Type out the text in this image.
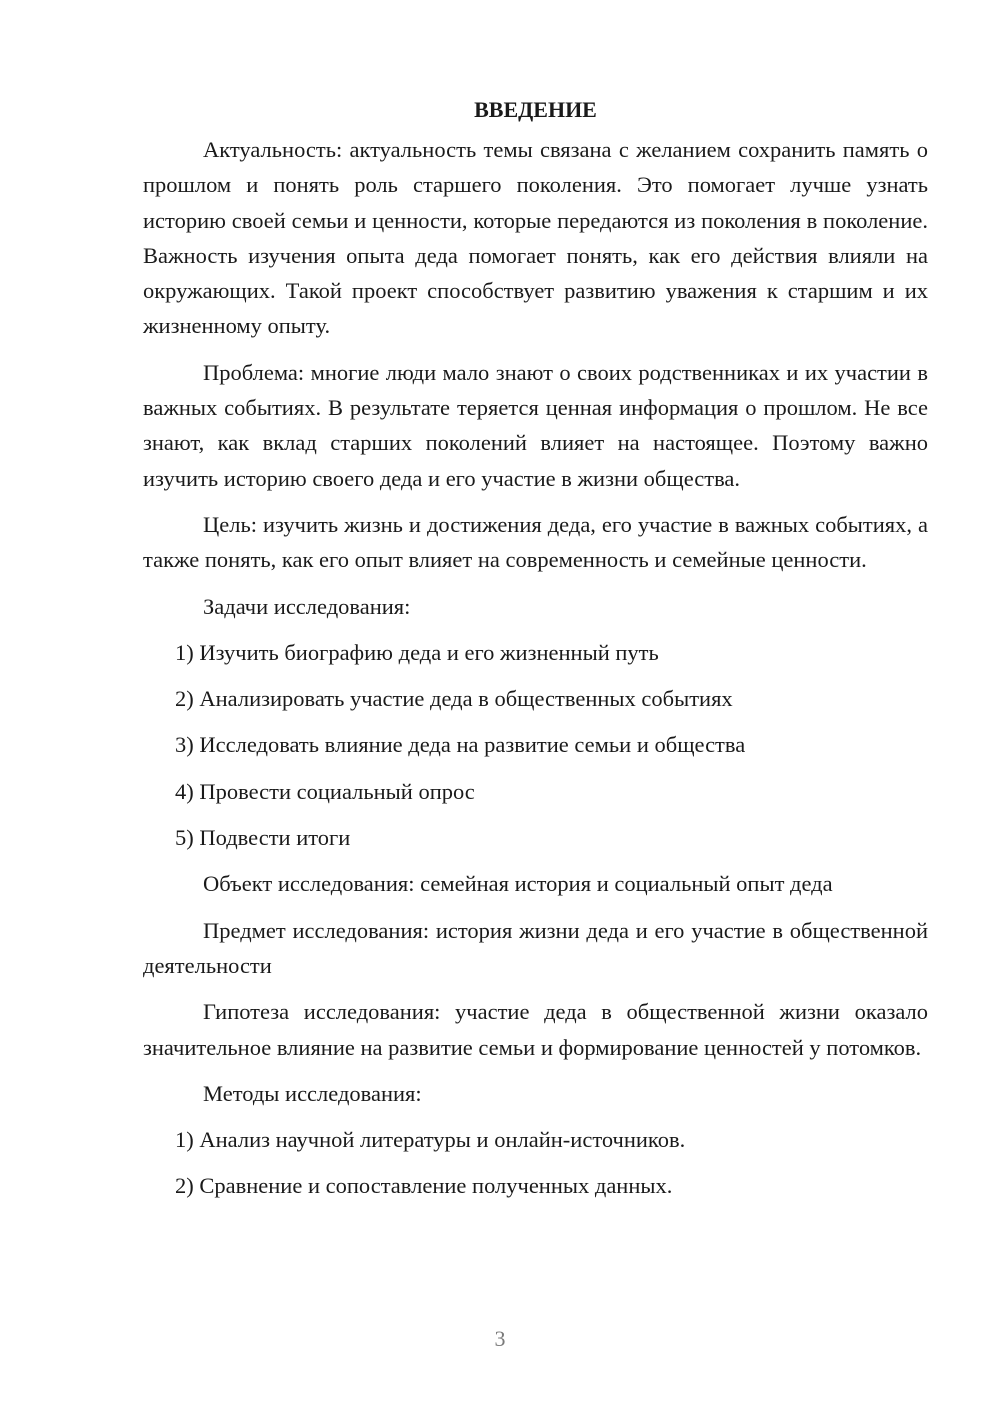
ВВЕДЕНИЕ

Актуальность: актуальность темы связана с желанием сохранить память о прошлом и понять роль старшего поколения. Это помогает лучше узнать историю своей семьи и ценности, которые передаются из поколения в поколение. Важность изучения опыта деда помогает понять, как его действия влияли на окружающих. Такой проект способствует развитию уважения к старшим и их жизненному опыту.

Проблема: многие люди мало знают о своих родственниках и их участии в важных событиях. В результате теряется ценная информация о прошлом. Не все знают, как вклад старших поколений влияет на настоящее. Поэтому важно изучить историю своего деда и его участие в жизни общества.

Цель: изучить жизнь и достижения деда, его участие в важных событиях, а также понять, как его опыт влияет на современность и семейные ценности.

Задачи исследования:

1) Изучить биографию деда и его жизненный путь

2) Анализировать участие деда в общественных событиях

3) Исследовать влияние деда на развитие семьи и общества

4) Провести социальный опрос

5) Подвести итоги

Объект исследования: семейная история и социальный опыт деда

Предмет исследования: история жизни деда и его участие в общественной деятельности

Гипотеза исследования: участие деда в общественной жизни оказало значительное влияние на развитие семьи и формирование ценностей у потомков.

Методы исследования:

1) Анализ научной литературы и онлайн-источников.

2) Сравнение и сопоставление полученных данных.

3
